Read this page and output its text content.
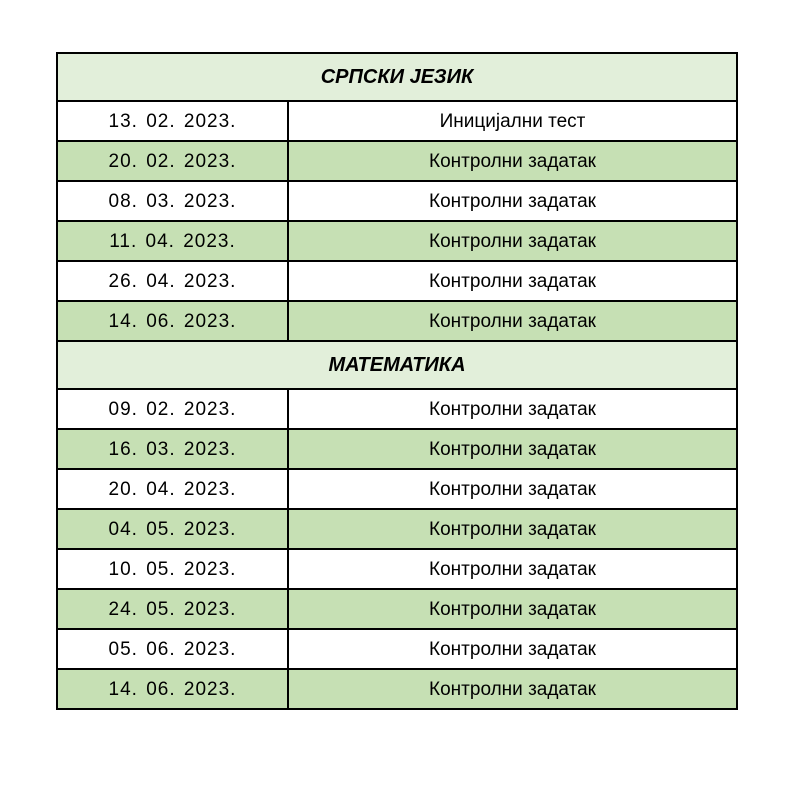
СРПСКИ ЈЕЗИК	
13. 02. 2023.	Иницијални тест
20. 02. 2023.	Контролни задатак
08. 03. 2023.	Контролни задатак
11. 04. 2023.	Контролни задатак
26. 04. 2023.	Контролни задатак
14. 06. 2023.	Контролни задатак
МАТЕМАТИКА	
09. 02. 2023.	Контролни задатак
16. 03. 2023.	Контролни задатак
20. 04. 2023.	Контролни задатак
04. 05. 2023.	Контролни задатак
10. 05. 2023.	Контролни задатак
24. 05. 2023.	Контролни задатак
05. 06. 2023.	Контролни задатак
14. 06. 2023.	Контролни задатак
